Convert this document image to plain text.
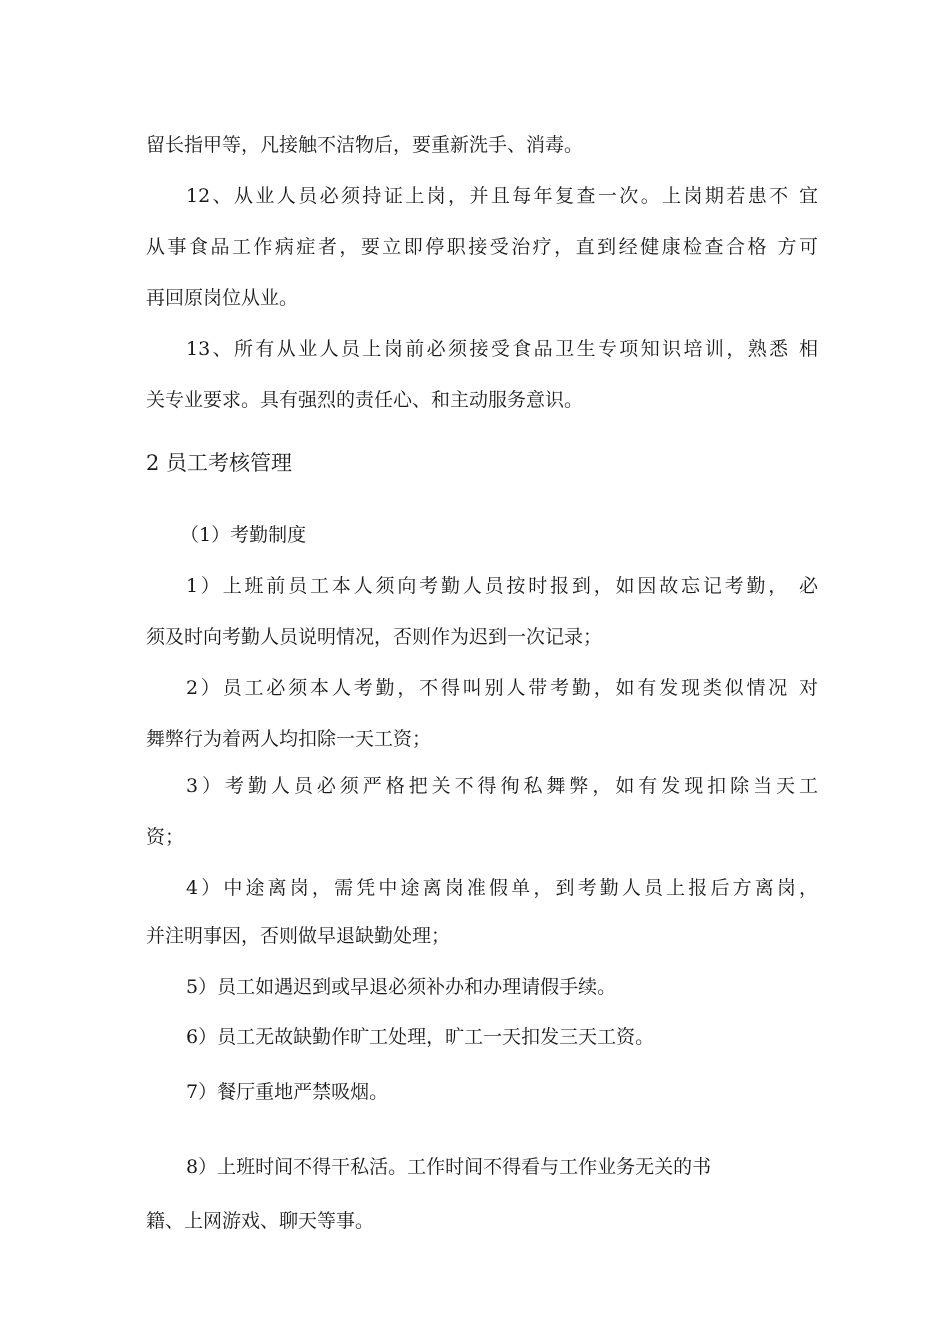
留长指甲等，凡接触不洁物后，要重新洗手、消毒。
12、从业人员必须持证上岗，并且每年复查一次。上岗期若患不 宜
从事食品工作病症者，要立即停职接受治疗，直到经健康检查合格 方可
再回原岗位从业。
13、所有从业人员上岗前必须接受食品卫生专项知识培训，熟悉 相
关专业要求。具有强烈的责任心、和主动服务意识。
2 员工考核管理
（1）考勤制度
1）上班前员工本人须向考勤人员按时报到，如因故忘记考勤， 必
须及时向考勤人员说明情况，否则作为迟到一次记录；
2）员工必须本人考勤，不得叫别人带考勤，如有发现类似情况 对
舞弊行为着两人均扣除一天工资；
3）考勤人员必须严格把关不得徇私舞弊，如有发现扣除当天工
资；
4）中途离岗，需凭中途离岗准假单，到考勤人员上报后方离岗，
并注明事因，否则做早退缺勤处理；
5）员工如遇迟到或早退必须补办和办理请假手续。
6）员工无故缺勤作旷工处理，旷工一天扣发三天工资。
7）餐厅重地严禁吸烟。
8）上班时间不得干私活。工作时间不得看与工作业务无关的书
籍、上网游戏、聊天等事。
